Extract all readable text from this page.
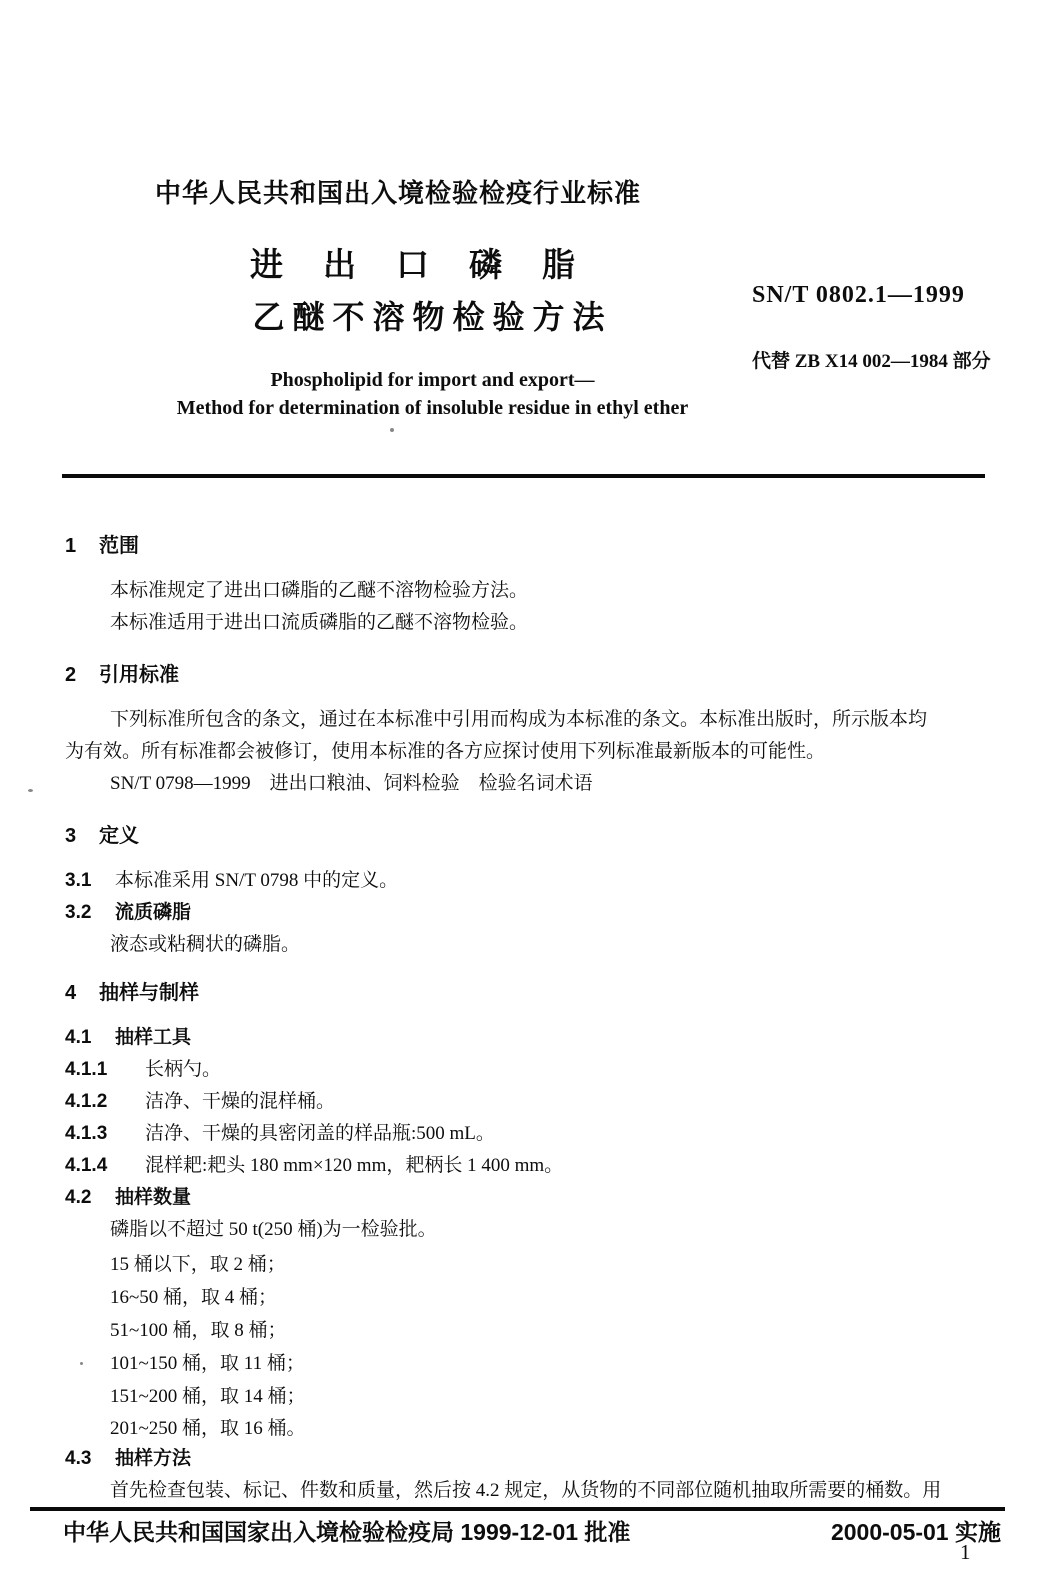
中华人民共和国出入境检验检疫行业标准
进出口磷脂
乙醚不溶物检验方法
Phospholipid for import and export—
Method for determination of insoluble residue in ethyl ether
SN/T 0802.1—1999
代替 ZB X14 002—1984 部分
1 范围
本标准规定了进出口磷脂的乙醚不溶物检验方法。
本标准适用于进出口流质磷脂的乙醚不溶物检验。
2 引用标准
下列标准所包含的条文，通过在本标准中引用而构成为本标准的条文。本标准出版时，所示版本均
为有效。所有标准都会被修订，使用本标准的各方应探讨使用下列标准最新版本的可能性。
SN/T 0798—1999　进出口粮油、饲料检验　检验名词术语
3 定义
3.1 本标准采用 SN/T 0798 中的定义。
3.2 流质磷脂
液态或粘稠状的磷脂。
4 抽样与制样
4.1 抽样工具
4.1.1 长柄勺。
4.1.2 洁净、干燥的混样桶。
4.1.3 洁净、干燥的具密闭盖的样品瓶:500 mL。
4.1.4 混样耙:耙头 180 mm×120 mm，耙柄长 1 400 mm。
4.2 抽样数量
磷脂以不超过 50 t(250 桶)为一检验批。
15 桶以下，取 2 桶；
16~50 桶，取 4 桶；
51~100 桶，取 8 桶；
101~150 桶，取 11 桶；
151~200 桶，取 14 桶；
201~250 桶，取 16 桶。
4.3 抽样方法
首先检查包装、标记、件数和质量，然后按 4.2 规定，从货物的不同部位随机抽取所需要的桶数。用
中华人民共和国国家出入境检验检疫局 1999-12-01 批准	2000-05-01 实施
1
